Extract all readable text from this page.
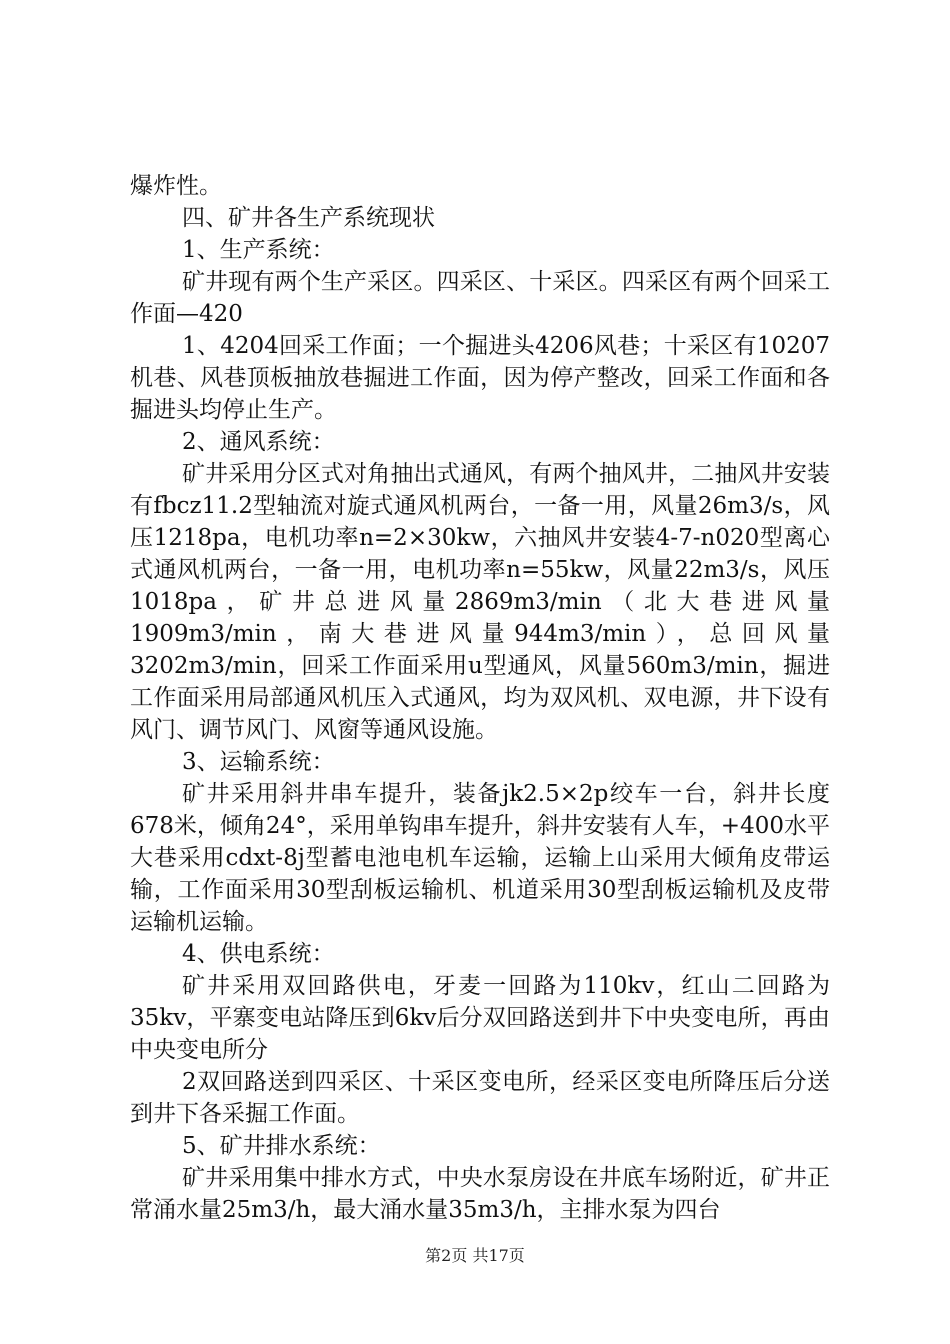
爆炸性。

四、矿井各生产系统现状

1、生产系统：

矿井现有两个生产采区。四采区、十采区。四采区有两个回采工作面—420

1、4204回采工作面；一个掘进头4206风巷；十采区有10207机巷、风巷顶板抽放巷掘进工作面，因为停产整改，回采工作面和各掘进头均停止生产。

2、通风系统：

矿井采用分区式对角抽出式通风，有两个抽风井，二抽风井安装有fbcz11.2型轴流对旋式通风机两台，一备一用，风量26m3/s，风压1218pa，电机功率n=2×30kw，六抽风井安装4-7-n020型离心式通风机两台，一备一用，电机功率n=55kw，风量22m3/s，风压1018pa，矿井总进风量2869m3/min（北大巷进风量1909m3/min，南大巷进风量944m3/min），总回风量3202m3/min，回采工作面采用u型通风，风量560m3/min，掘进工作面采用局部通风机压入式通风，均为双风机、双电源，井下设有风门、调节风门、风窗等通风设施。

3、运输系统：

矿井采用斜井串车提升，装备jk2.5×2p绞车一台，斜井长度678米，倾角24°，采用单钩串车提升，斜井安装有人车，+400水平大巷采用cdxt-8j型蓄电池电机车运输，运输上山采用大倾角皮带运输，工作面采用30型刮板运输机、机道采用30型刮板运输机及皮带运输机运输。

4、供电系统：

矿井采用双回路供电，牙麦一回路为110kv，红山二回路为35kv，平寨变电站降压到6kv后分双回路送到井下中央变电所，再由中央变电所分

2双回路送到四采区、十采区变电所，经采区变电所降压后分送到井下各采掘工作面。

5、矿井排水系统：

矿井采用集中排水方式，中央水泵房设在井底车场附近，矿井正常涌水量25m3/h，最大涌水量35m3/h，主排水泵为四台

第2页 共17页
